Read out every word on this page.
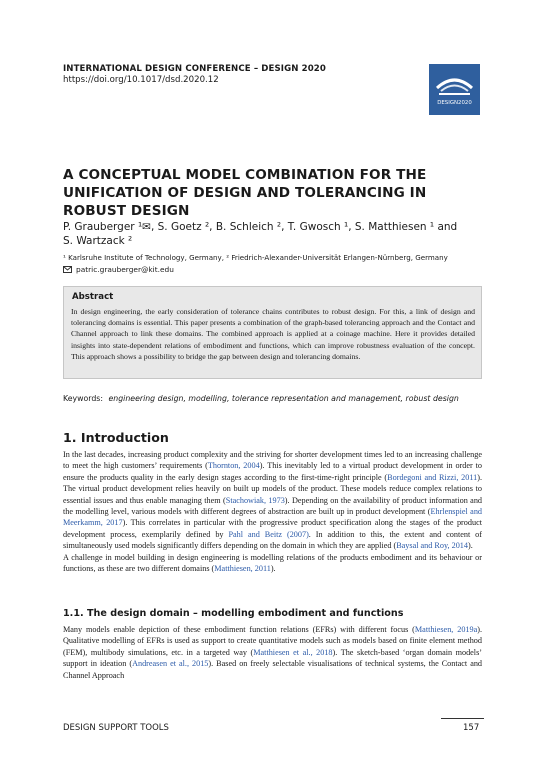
INTERNATIONAL DESIGN CONFERENCE – DESIGN 2020
https://doi.org/10.1017/dsd.2020.12
DESIGN2020
A CONCEPTUAL MODEL COMBINATION FOR THE UNIFICATION OF DESIGN AND TOLERANCING IN ROBUST DESIGN
P. Grauberger ¹✉, S. Goetz ², B. Schleich ², T. Gwosch ¹, S. Matthiesen ¹ and
S. Wartzack ²
¹ Karlsruhe Institute of Technology, Germany, ² Friedrich-Alexander-Universität Erlangen-Nürnberg, Germany
patric.grauberger@kit.edu
Abstract
In design engineering, the early consideration of tolerance chains contributes to robust design. For this, a link of design and tolerancing domains is essential. This paper presents a combination of the graph-based tolerancing approach and the Contact and Channel approach to link these domains. The combined approach is applied at a coinage machine. Here it provides detailed insights into state-dependent relations of embodiment and functions, which can improve robustness evaluation of the concept. This approach shows a possibility to bridge the gap between design and tolerancing domains.
Keywords: engineering design, modelling, tolerance representation and management, robust design
1. Introduction

In the last decades, increasing product complexity and the striving for shorter development times led to an increasing challenge to meet the high customers’ requirements (Thornton, 2004). This inevitably led to a virtual product development in order to ensure the products quality in the early design stages according to the first-time-right principle (Bordegoni and Rizzi, 2011). The virtual product development relies heavily on built up models of the product. These models reduce complex relations to essential issues and thus enable managing them (Stachowiak, 1973). Depending on the availability of product information and the modelling level, various models with different degrees of abstraction are built up in product development (Ehrlenspiel and Meerkamm, 2017). This correlates in particular with the progressive product specification along the stages of the product development process, exemplarily defined by Pahl and Beitz (2007). In addition to this, the extent and content of simultaneously used models significantly differs depending on the domain in which they are applied (Baysal and Roy, 2014).

A challenge in model building in design engineering is modelling relations of the products embodiment and its behaviour or functions, as these are two different domains (Matthiesen, 2011).

1.1. The design domain – modelling embodiment and functions

Many models enable depiction of these embodiment function relations (EFRs) with different focus (Matthiesen, 2019a). Qualitative modelling of EFRs is used as support to create quantitative models such as models based on finite element method (FEM), multibody simulations, etc. in a targeted way (Matthiesen et al., 2018). The sketch-based ‘organ domain models’ support in ideation (Andreasen et al., 2015). Based on freely selectable visualisations of technical systems, the Contact and Channel Approach

DESIGN SUPPORT TOOLS	157
